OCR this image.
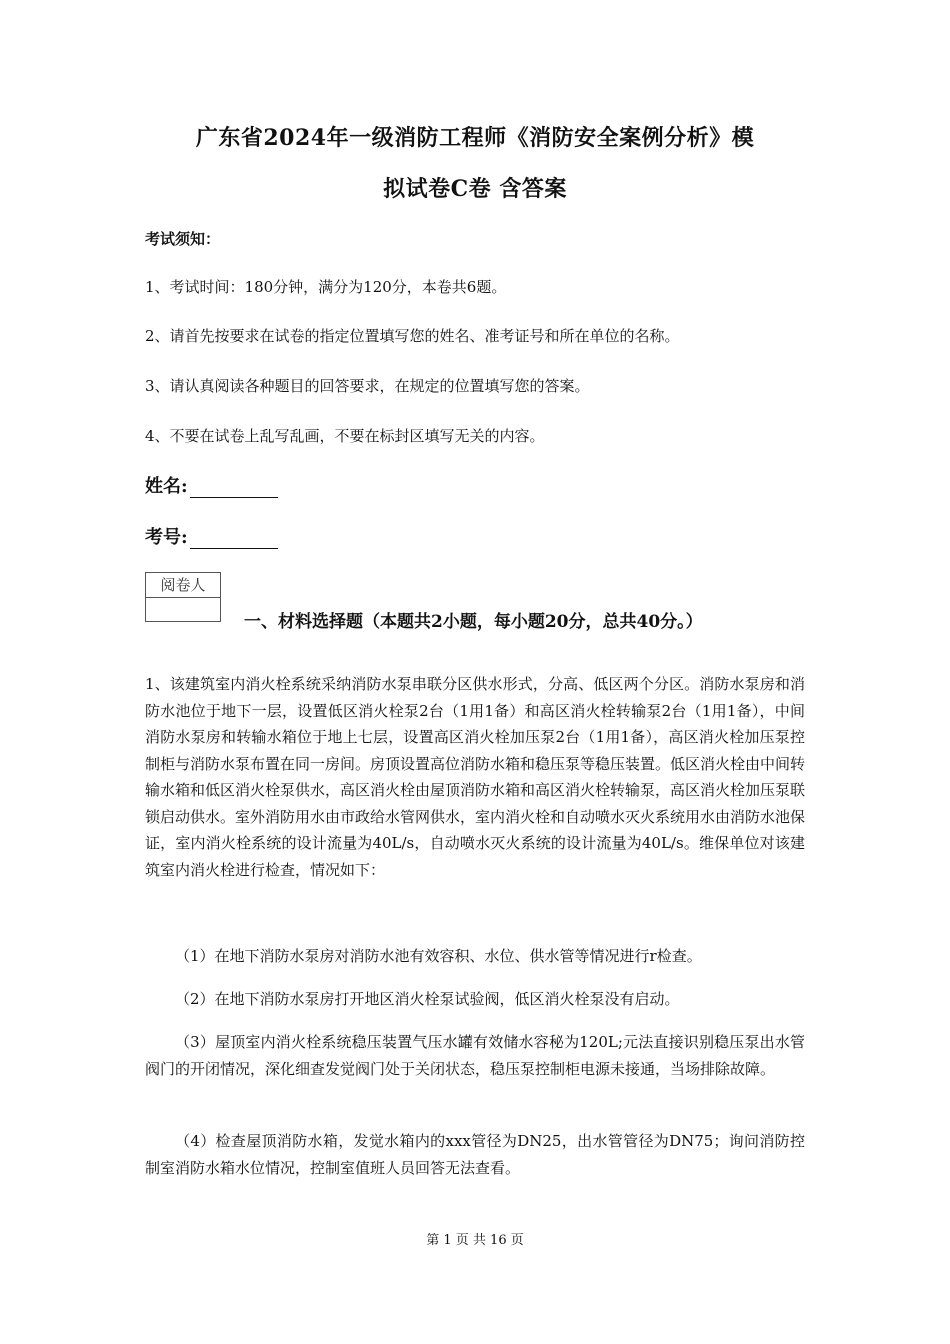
广东省2024年一级消防工程师《消防安全案例分析》模
拟试卷C卷 含答案
考试须知：
1、考试时间：180分钟，满分为120分，本卷共6题。
2、请首先按要求在试卷的指定位置填写您的姓名、准考证号和所在单位的名称。
3、请认真阅读各种题目的回答要求，在规定的位置填写您的答案。
4、不要在试卷上乱写乱画，不要在标封区填写无关的内容。
姓名:
考号:
阅卷人
一、材料选择题（本题共2小题，每小题20分，总共40分。）
1、该建筑室内消火栓系统采纳消防水泵串联分区供水形式，分高、低区两个分区。消防水泵房和消防水池位于地下一层，设置低区消火栓泵2台（1用1备）和高区消火栓转输泵2台（1用1备），中间消防水泵房和转输水箱位于地上七层，设置高区消火栓加压泵2台（1用1备），高区消火栓加压泵控制柜与消防水泵布置在同一房间。房顶设置高位消防水箱和稳压泵等稳压装置。低区消火栓由中间转输水箱和低区消火栓泵供水，高区消火栓由屋顶消防水箱和高区消火栓转输泵，高区消火栓加压泵联锁启动供水。室外消防用水由市政给水管网供水，室内消火栓和自动喷水灭火系统用水由消防水池保证，室内消火栓系统的设计流量为40L/s，自动喷水灭火系统的设计流量为40L/s。维保单位对该建筑室内消火栓进行检查，情况如下：
（1）在地下消防水泵房对消防水池有效容积、水位、供水管等情况进行r检查。
（2）在地下消防水泵房打开地区消火栓泵试验阀，低区消火栓泵没有启动。
（3）屋顶室内消火栓系统稳压装置气压水罐有效储水容秘为120L;元法直接识别稳压泵出水管阀门的开闭情况，深化细查发觉阀门处于关闭状态，稳压泵控制柜电源未接通，当场排除故障。
（4）检查屋顶消防水箱，发觉水箱内的xxx管径为DN25，出水管管径为DN75；询问消防控制室消防水箱水位情况，控制室值班人员回答无法查看。
第 1 页 共 16 页
